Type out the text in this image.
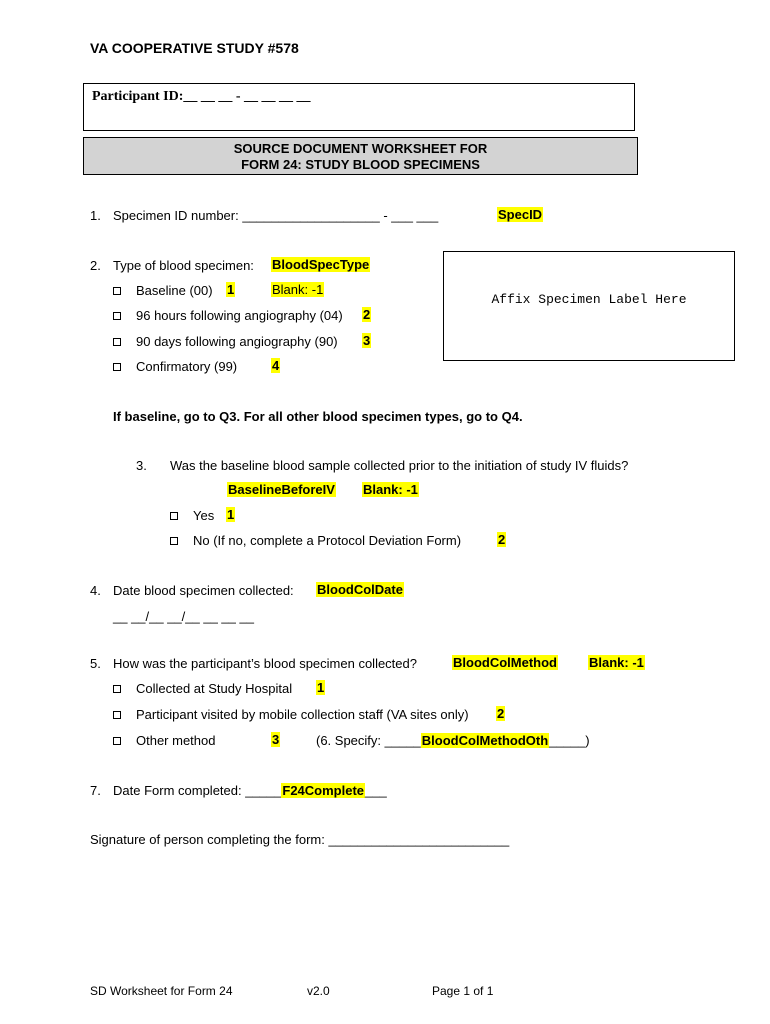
VA COOPERATIVE STUDY #578
Participant ID:__ __ __ - __ __ __ __
SOURCE DOCUMENT WORKSHEET FOR
FORM 24: STUDY BLOOD SPECIMENS
1. Specimen ID number: ___________________ - ___ ___	SpecID
2. Type of blood specimen: BloodSpecType
Baseline (00) 1	Blank: -1
96 hours following angiography (04) 2
90 days following angiography (90) 3
Confirmatory (99)	4
Affix Specimen Label Here
If baseline, go to Q3. For all other blood specimen types, go to Q4.
3. Was the baseline blood sample collected prior to the initiation of study IV fluids?
BaselineBeforeIV Blank: -1
Yes 1
No (If no, complete a Protocol Deviation Form)	2
4. Date blood specimen collected: BloodColDate
__ __/__ __/__ __ __ __
5. How was the participant’s blood specimen collected?	BloodColMethod Blank: -1
Collected at Study Hospital 1
Participant visited by mobile collection staff (VA sites only) 2
Other method	3	(6. Specify: _____BloodColMethodOth_____)
7. Date Form completed: _____F24Complete___
Signature of person completing the form: _________________________
SD Worksheet for Form 24	v2.0	Page 1 of 1
